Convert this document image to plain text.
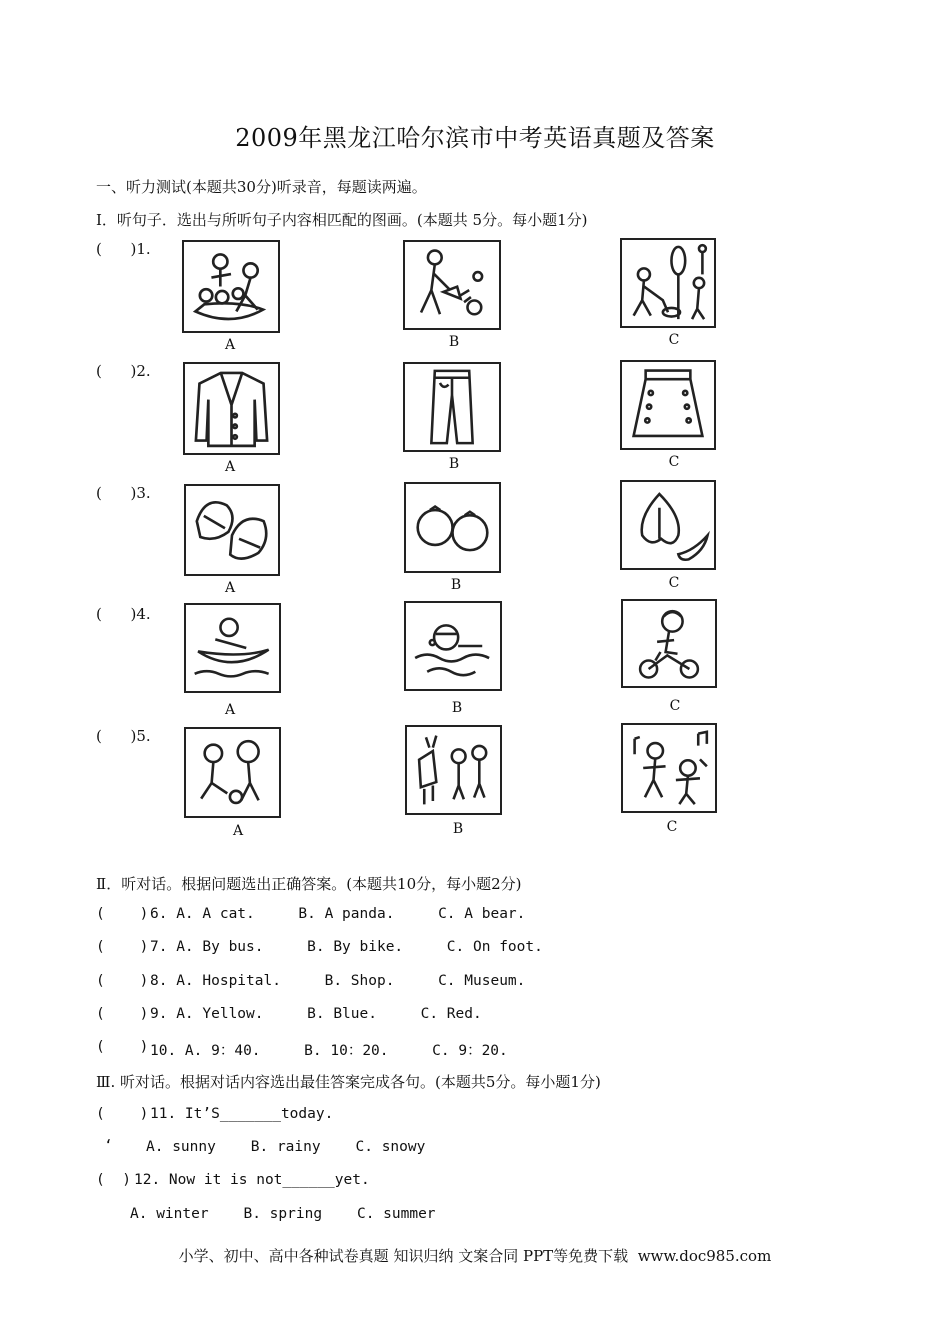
2009年黑龙江哈尔滨市中考英语真题及答案
一、听力测试(本题共30分)听录音，每题读两遍。
I．听句子．选出与所听句子内容相匹配的图画。(本题共 5分。每小题1分)
(      )1.
A	B	C
(      )2.
A	B	C
(      )3.
A	B	C
(      )4.
A	B	C
(      )5.
A	B	C
Ⅱ．听对话。根据问题选出正确答案。(本题共10分，每小题2分)
(    ) 6. A. A cat.     B. A panda.     C. A bear.
(    ) 7. A. By bus.     B. By bike.     C. On foot.
(    ) 8. A. Hospital.     B. Shop.     C. Museum.
(    ) 9. A. Yellow.     B. Blue.     C. Red.
(    ) 10. A. 9：40.     B. 10：20.     C. 9：20.
Ⅲ. 听对话。根据对话内容选出最佳答案完成各句。(本题共5分。每小题1分)
(    ) 11. It’S_______today.
‘ A. sunny    B. rainy    C. snowy
(  ) 12. Now it is not______yet.
A. winter    B. spring    C. summer
小学、初中、高中各种试卷真题 知识归纳 文案合同 PPT等免费下载  www.doc985.com
